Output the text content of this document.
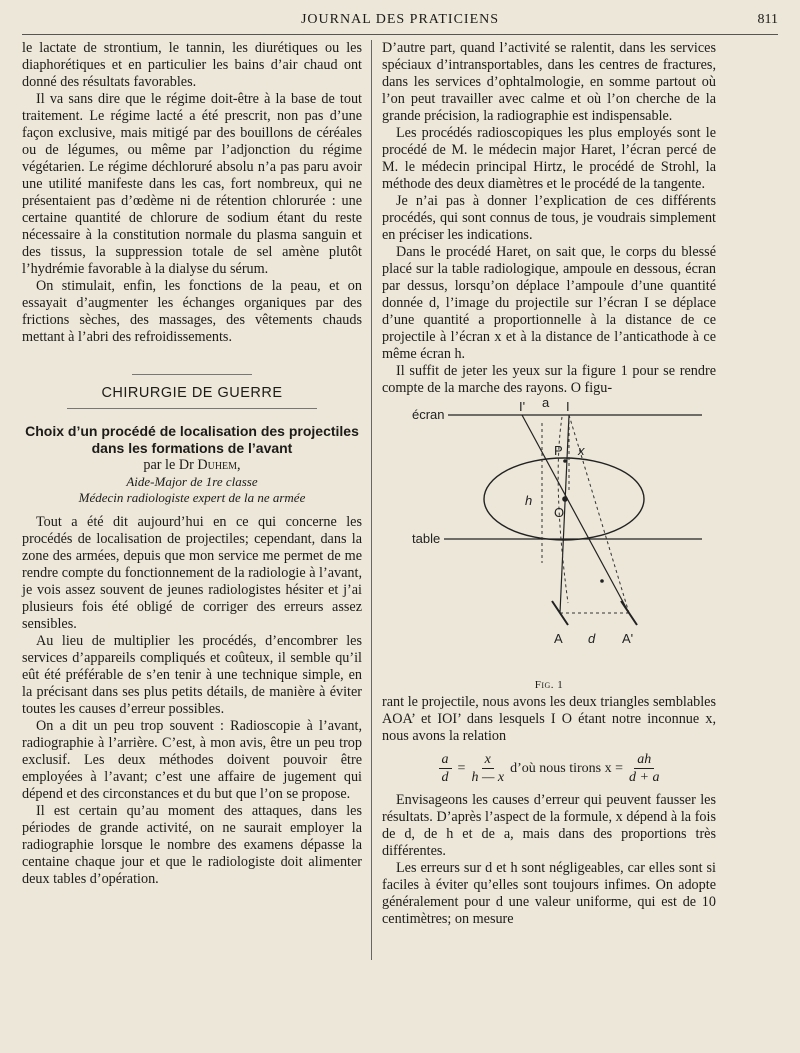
JOURNAL DES PRATICIENS	811

le lactate de strontium, le tannin, les diurétiques ou les diaphorétiques et en particulier les bains d’air chaud ont donné des résultats favorables.

Il va sans dire que le régime doit-être à la base de tout traitement. Le régime lacté a été prescrit, non pas d’une façon exclusive, mais mitigé par des bouillons de céréales ou de légumes, ou même par l’adjonction du régime végétarien. Le régime déchloruré absolu n’a pas paru avoir une utilité manifeste dans les cas, fort nombreux, qui ne présentaient pas d’œdème ni de rétention chlorurée : une certaine quantité de chlorure de sodium étant du reste nécessaire à la constitution normale du plasma sanguin et des tissus, la suppression totale de sel amène plutôt l’hydrémie favorable à la dialyse du sérum.

On stimulait, enfin, les fonctions de la peau, et on essayait d’augmenter les échanges organiques par des frictions sèches, des massages, des vêtements chauds mettant à l’abri des refroidissements.

CHIRURGIE DE GUERRE

Choix d’un procédé de localisation des projectiles dans les formations de l’avant

par le Dr Duhem,

Aide-Major de 1re classe

Médecin radiologiste expert de la ne armée

Tout a été dit aujourd’hui en ce qui concerne les procédés de localisation de projectiles; cependant, dans la zone des armées, depuis que mon service me permet de me rendre compte du fonctionnement de la radiologie à l’avant, je vois assez souvent de jeunes radiologistes hésiter et j’ai plusieurs fois été obligé de corriger des erreurs assez sensibles.

Au lieu de multiplier les procédés, d’encombrer les services d’appareils compliqués et coûteux, il semble qu’il eût été préférable de s’en tenir à une technique simple, en la précisant dans ses plus petits détails, de manière à éviter toutes les causes d’erreur possibles.

On a dit un peu trop souvent : Radioscopie à l’avant, radiographie à l’arrière. C’est, à mon avis, être un peu trop exclusif. Les deux méthodes doivent pouvoir être employées à l’avant; c’est une affaire de jugement qui dépend et des circonstances et du but que l’on se propose.

Il est certain qu’au moment des attaques, dans les périodes de grande activité, on ne saurait employer la radiographie lorsque le nombre des examens dépasse la centaine chaque jour et que le radiologiste doit alimenter deux tables d’opération.

D’autre part, quand l’activité se ralentit, dans les services spéciaux d’intransportables, dans les centres de fractures, dans les services d’ophtalmologie, en somme partout où l’on peut travailler avec calme et où l’on cherche de la grande précision, la radiographie est indispensable.

Les procédés radioscopiques les plus employés sont le procédé de M. le médecin major Haret, l’écran percé de M. le médecin principal Hirtz, le procédé de Strohl, la méthode des deux diamètres et le procédé de la tangente.

Je n’ai pas à donner l’explication de ces différents procédés, qui sont connus de tous, je voudrais simplement en préciser les indications.

Dans le procédé Haret, on sait que, le corps du blessé placé sur la table radiologique, ampoule en dessous, écran par dessus, lorsqu’on déplace l’ampoule d’une quantité donnée d, l’image du projectile sur l’écran I se déplace d’une quantité a proportionnelle à la distance de ce projectile à l’écran x et à la distance de l’anticathode à ce même écran h.

Il suffit de jeter les yeux sur la figure 1 pour se rendre compte de la marche des rayons. O figu-

écran
table
I' a I
P x
h
O
A d A'

Fig. 1

rant le projectile, nous avons les deux triangles semblables AOA’ et IOI’ dans lesquels I O étant notre inconnue x, nous avons la relation

$\frac{a}{d} = \frac{x}{h — x}$ d’où nous tirons $x = \frac{ah}{d + a}$

Envisageons les causes d’erreur qui peuvent fausser les résultats. D’après l’aspect de la formule, x dépend à la fois de d, de h et de a, mais dans des proportions très différentes.

Les erreurs sur d et h sont négligeables, car elles sont si faciles à éviter qu’elles sont toujours infimes. On adopte généralement pour d une valeur uniforme, qui est de 10 centimètres; on mesure
